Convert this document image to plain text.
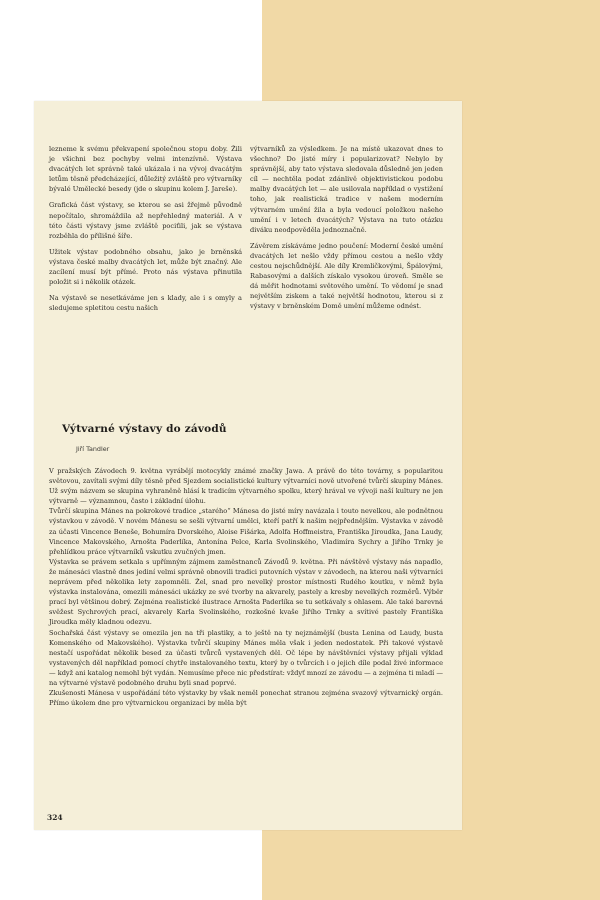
lezneme k svému překvapení společnou stopu doby. Žili je všichni bez pochyby velmi intenzívně. Výstava dvacátých let správně také ukázala i na vývoj dvacátým letům těsně předcházející, důležitý zvláště pro výtvarníky bývalé Umělecké besedy (jde o skupinu kolem J. Jareše).

Grafická část výstavy, se kterou se asi žřejmě původně nepočítalo, shromáždila až nepřehledný materiál. A v této části výstavy jsme zvláště pociťili, jak se výstava rozběhla do přílišné šíře.

Užitek výstav podobného obsahu, jako je brněnská výstava české malby dvacátých let, může být značný. Ale zacílení musí být přímé. Proto nás výstava přinutila položit si i několik otázek.

Na výstavě se nesetkáváme jen s klady, ale i s omyly a sledujeme spletitou cestu našich

výtvarníků za výsledkem. Je na místě ukazovat dnes to všechno? Do jisté míry i popularizovat? Nebylo by správnější, aby tato výstava sledovala důsledně jen jeden cíl — nechtěla podat zdánlivě objektivistickou podobu malby dvacátých let — ale usilovala například o vystižení toho, jak realistická tradice v našem moderním výtvarném umění žila a byla vedoucí položkou našeho umění i v letech dvacátých? Výstava na tuto otázku diváku neodpověděla jednoznačně.

Závěrem získáváme jedno poučení: Moderní české umění dvacátých let nešlo vždy přímou cestou a nešlo vždy cestou nejschůdnější. Ale díly Kremličkovými, Špálovými, Rabasovými a dalších získalo vysokou úroveň. Směle se dá měřit hodnotami světového umění. To vědomí je snad největším ziskem a také největší hodnotou, kterou si z výstavy v brněnském Domě umění můžeme odnést.

Výtvarné výstavy do závodů
Jiří Tandler

V pražských Závodech 9. května vyrábějí motocykly známé značky Jawa. A právě do této továrny, s popularitou světovou, zavítali svými díly těsně před Sjezdem socialistické kultury výtvarníci nově utvořené tvůrčí skupiny Mánes. Už svým názvem se skupina vyhraněně hlásí k tradicím výtvarného spolku, který hrával ve vývoji naší kultury ne jen výtvarně — významnou, často i základní úlohu.

Tvůrčí skupina Mánes na pokrokové tradice „starého“ Mánesa do jisté míry navázala i touto nevelkou, ale podnětnou výstavkou v závodě. V novém Mánesu se sešli výtvarní umělci, kteří patří k našim nejpřednějším. Výstavka v závodě za účasti Vincence Beneše, Bohumíra Dvorského, Aloise Fišárka, Adolfa Hoffmeistra, Františka Jiroudka, Jana Laudy, Vincence Makovského, Arnošta Paderlíka, Antonína Pelce, Karla Svolinského, Vladimíra Sychry a Jiřího Trnky je přehlídkou práce výtvarníků vskutku zvučných jmen.

Výstavka se právem setkala s upřímným zájmem zaměstnanců Závodů 9. května. Při návštěvě výstavy nás napadlo, že mánesáci vlastně dnes jediní velmi správně obnovili tradici putovních výstav v závodech, na kterou naši výtvarníci neprávem před několika lety zapomněli. Žel, snad pro nevelký prostor místnosti Rudého koutku, v němž byla výstavka instalována, omezili mánesáci ukázky ze své tvorby na akvarely, pastely a kresby nevelkých rozměrů. Výběr prací byl většinou dobrý. Zejména realistické ilustrace Arnošta Paderlíka se tu setkávaly s ohlasem. Ale také barevná svěžest Sychrových prací, akvarely Karla Svolinského, rozkošné kvaše Jiřího Trnky a svítivé pastely Františka Jiroudka měly kladnou odezvu.

Sochařská část výstavy se omezila jen na tři plastiky, a to ještě na ty nejznámější (busta Lenina od Laudy, busta Komenského od Makovského). Výstavka tvůrčí skupiny Mánes měla však i jeden nedostatek. Při takové výstavě nestačí uspořádat několik besed za účasti tvůrců vystavených děl. Oč lépe by návštěvníci výstavy přijali výklad vystavených děl například pomocí chytře instalovaného textu, který by o tvůrcích i o jejich díle podal živé informace — když ani katalog nemohl být vydán. Nemusíme přece nic předstírat: vždyť mnozí ze závodu — a zejména ti mladí — na výtvarné výstavě podobného druhu byli snad poprvé.

Zkušenosti Mánesa v uspořádání této výstavky by však neměl ponechat stranou zejména svazový výtvarnický orgán. Přímo úkolem dne pro výtvarnickou organizaci by měla být

324
